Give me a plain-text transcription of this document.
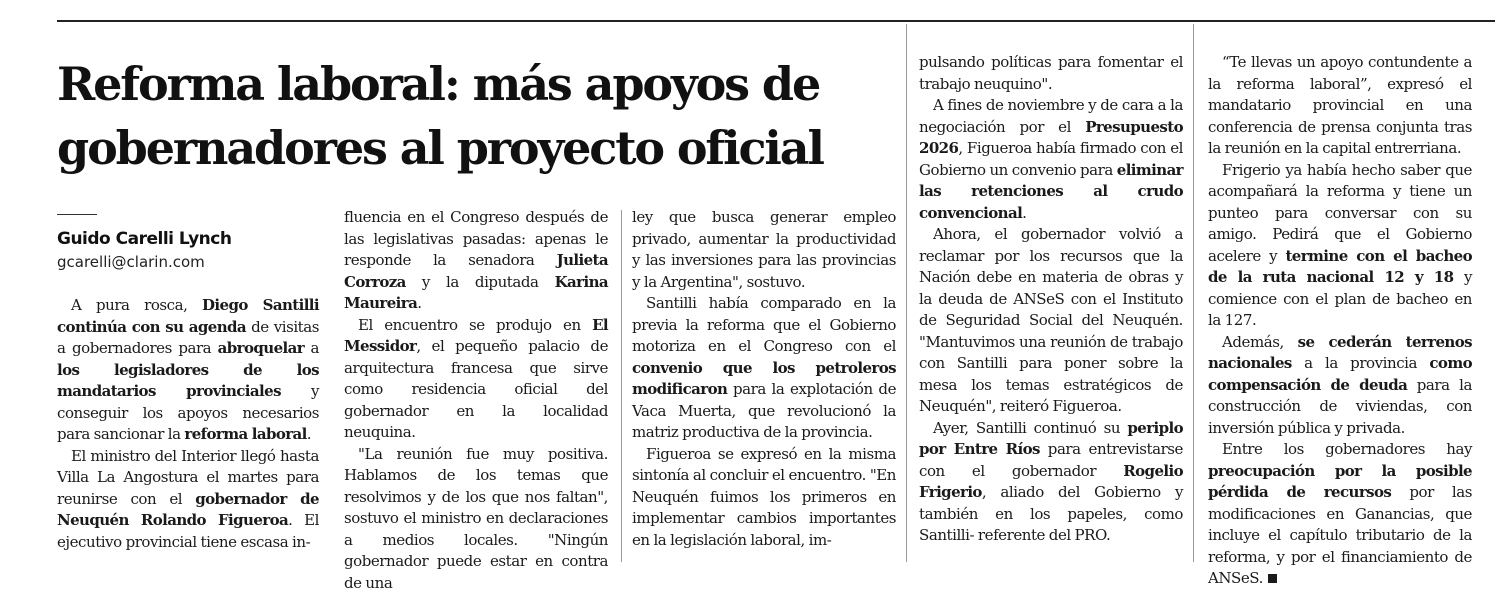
Reforma laboral: más apoyos de gobernadores al proyecto oficial

Guido Carelli Lynch

gcarelli@clarin.com

A pura rosca, Diego Santilli continúa con su agenda de visitas a gobernadores para abroquelar a los legisladores de los mandatarios provinciales y conseguir los apoyos necesarios para sancionar la reforma laboral.

El ministro del Interior llegó hasta Villa La Angostura el martes para reunirse con el gobernador de Neuquén Rolando Figueroa. El ejecutivo provincial tiene escasa in-

fluencia en el Congreso después de las legislativas pasadas: apenas le responde la senadora Julieta Corroza y la diputada Karina Maureira.

El encuentro se produjo en El Messidor, el pequeño palacio de arquitectura francesa que sirve como residencia oficial del gobernador en la localidad neuquina.

"La reunión fue muy positiva. Hablamos de los temas que resolvimos y de los que nos faltan", sostuvo el ministro en declaraciones a medios locales. "Ningún gobernador puede estar en contra de una

ley que busca generar empleo privado, aumentar la productividad y las inversiones para las provincias y la Argentina", sostuvo.

Santilli había comparado en la previa la reforma que el Gobierno motoriza en el Congreso con el convenio que los petroleros modificaron para la explotación de Vaca Muerta, que revolucionó la matriz productiva de la provincia.

Figueroa se expresó en la misma sintonía al concluir el encuentro. "En Neuquén fuimos los primeros en implementar cambios importantes en la legislación laboral, im-

pulsando políticas para fomentar el trabajo neuquino".

A fines de noviembre y de cara a la negociación por el Presupuesto 2026, Figueroa había firmado con el Gobierno un convenio para eliminar las retenciones al crudo convencional.

Ahora, el gobernador volvió a reclamar por los recursos que la Nación debe en materia de obras y la deuda de ANSeS con el Instituto de Seguridad Social del Neuquén. "Mantuvimos una reunión de trabajo con Santilli para poner sobre la mesa los temas estratégicos de Neuquén", reiteró Figueroa.

Ayer, Santilli continuó su periplo por Entre Ríos para entrevistarse con el gobernador Rogelio Frigerio, aliado del Gobierno y también en los papeles, como Santilli- referente del PRO.

“Te llevas un apoyo contundente a la reforma laboral”, expresó el mandatario provincial en una conferencia de prensa conjunta tras la reunión en la capital entrerriana.

Frigerio ya había hecho saber que acompañará la reforma y tiene un punteo para conversar con su amigo. Pedirá que el Gobierno acelere y termine con el bacheo de la ruta nacional 12 y 18 y comience con el plan de bacheo en la 127.

Además, se cederán terrenos nacionales a la provincia como compensación de deuda para la construcción de viviendas, con inversión pública y privada.

Entre los gobernadores hay preocupación por la posible pérdida de recursos por las modificaciones en Ganancias, que incluye el capítulo tributario de la reforma, y por el financiamiento de ANSeS.
